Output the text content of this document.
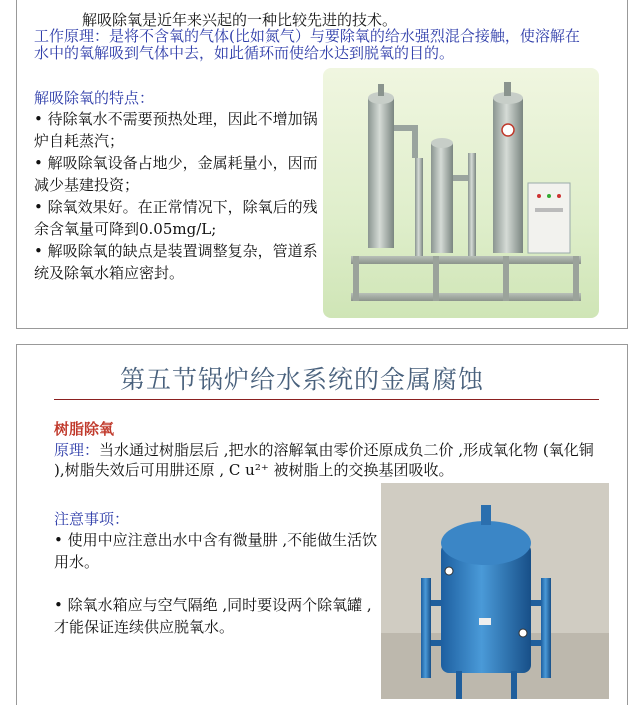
解吸除氧是近年来兴起的一种比较先进的技术。
工作原理：是将不含氧的气体(比如氮气）与要除氧的给水强烈混合接触，使溶解在水中的氧解吸到气体中去，如此循环而使给水达到脱氧的目的。
解吸除氧的特点：
• 待除氧水不需要预热处理，因此不增加锅炉自耗蒸汽；
• 解吸除氧设备占地少，金属耗量小，因而减少基建投资；
• 除氧效果好。在正常情况下，除氧后的残余含氧量可降到0.05mg/L;
• 解吸除氧的缺点是装置调整复杂，管道系统及除氧水箱应密封。
第五节锅炉给水系统的金属腐蚀
树脂除氧
原理：当水通过树脂层后 ,把水的溶解氧由零价还原成负二价 ,形成氧化物 (氧化铜 ),树脂失效后可用肼还原 , C u²⁺ 被树脂上的交换基团吸收。
注意事项：
• 使用中应注意出水中含有微量肼 ,不能做生活饮用水。
• 除氧水箱应与空气隔绝 ,同时要设两个除氧罐 ,才能保证连续供应脱氧水。
